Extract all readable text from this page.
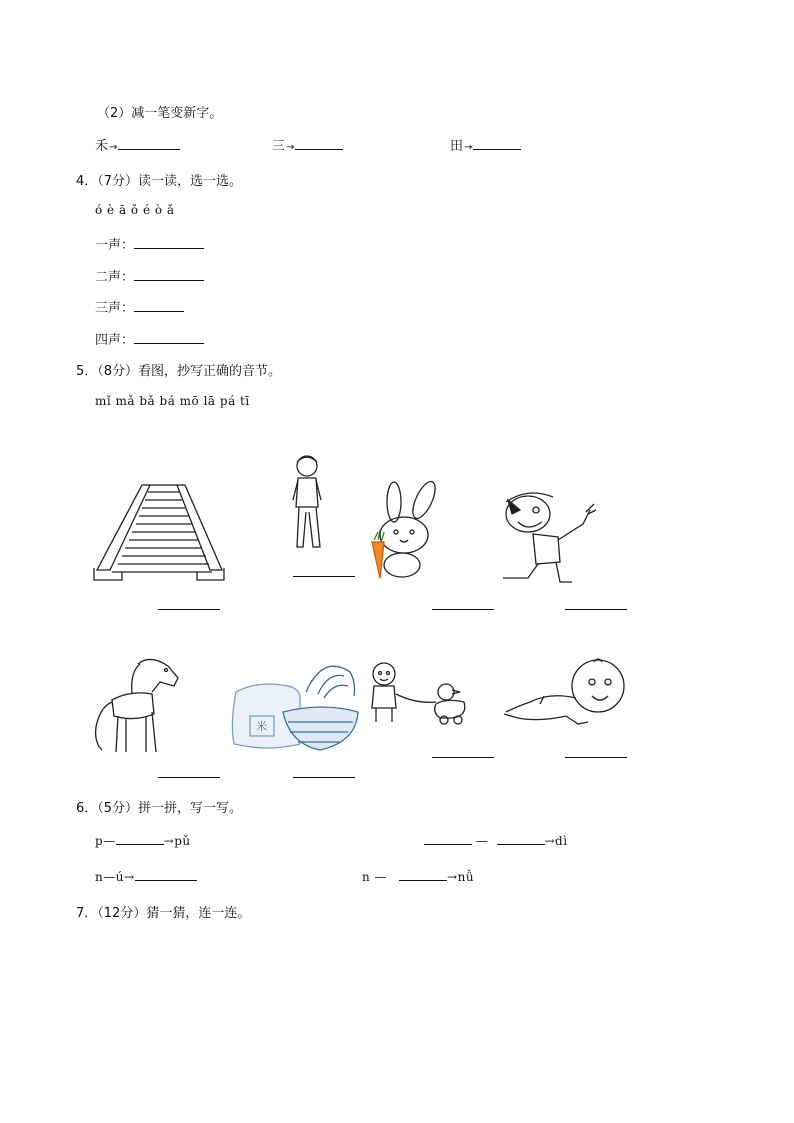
（2）减一笔变新字。
禾→	三→	田→
4．（7分）读一读，选一选。
ó è ā ǒ é ò ǎ
一声：
二声：
三声：
四声：
5．（8分）看图，抄写正确的音节。
mǐ mǎ bǎ bá mō lā pá tī
米
6．（5分）拼一拼，写一写。
p—	→pǔ	—	→dì
n—ú→	n —	→nǚ
7．（12分）猜一猜，连一连。
